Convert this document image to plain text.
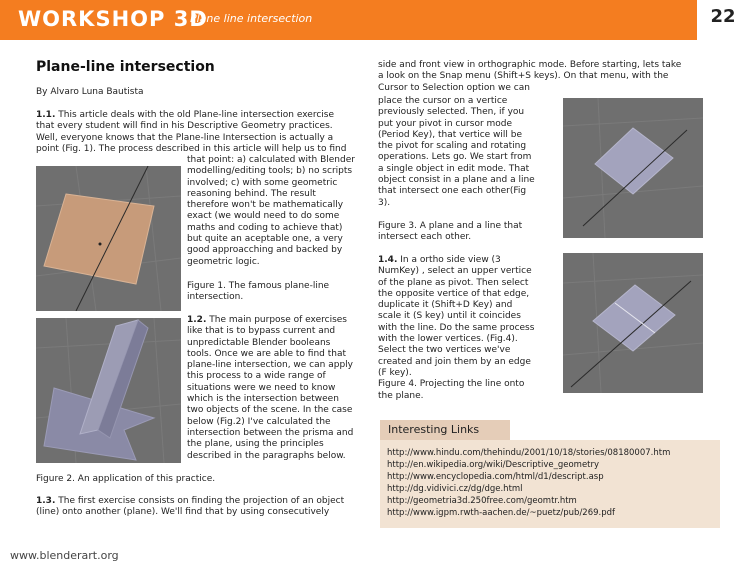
WORKSHOP 3D
Plane line intersection	22
Plane-line intersection
By Alvaro Luna Bautista
1.1. This article deals with the old Plane-line intersection exercise
that every student will find in his Descriptive Geometry practices.
Well, everyone knows that the Plane-line Intersection is actually a
point (Fig. 1). The process described in this article will help us to find
that point: a) calculated with Blender
modelling/editing tools; b) no scripts
involved; c) with some geometric
reasoning behind. The result
therefore won't be mathematically
exact (we would need to do some
maths and coding to achieve that)
but quite an aceptable one, a very
good approacching and backed by
geometric logic.
Figure 1. The famous plane-line
intersection.
1.2. The main purpose of exercises
like that is to bypass current and
unpredictable Blender booleans
tools. Once we are able to find that
plane-line intersection, we can apply
this process to a wide range of
situations were we need to know
which is the intersection between
two objects of the scene. In the case
below (Fig.2) I've calculated the
intersection between the prisma and
the plane, using the principles
described in the paragraphs below.
Figure 2. An application of this practice.
1.3. The first exercise consists on finding the projection of an object
(line) onto another (plane). We'll find that by using consecutively
side and front view in orthographic mode. Before starting, lets take
a look on the Snap menu (Shift+S keys). On that menu, with the
Cursor to Selection option we can
place the cursor on a vertice
previously selected. Then, if you
put your pivot in cursor mode
(Period Key), that vertice will be
the pivot for scaling and rotating
operations. Lets go. We start from
a single object in edit mode. That
object consist in a plane and a line
that intersect one each other(Fig
3).
Figure 3. A plane and a line that
intersect each other.
1.4. In a ortho side view (3
NumKey) , select an upper vertice
of the plane as pivot. Then select
the opposite vertice of that edge,
duplicate it (Shift+D Key) and
scale it (S key) until it coincides
with the line. Do the same process
with the lower vertices. (Fig.4).
Select the two vertices we've
created and join them by an edge
(F key).
Figure 4. Projecting the line onto
the plane.
Interesting Links
http://www.hindu.com/thehindu/2001/10/18/stories/08180007.htm
http://en.wikipedia.org/wiki/Descriptive_geometry
http://www.encyclopedia.com/html/d1/descript.asp
http://dg.vidivici.cz/dg/dge.html
http://geometria3d.250free.com/geomtr.htm
http://www.igpm.rwth-aachen.de/~puetz/pub/269.pdf
www.blenderart.org
